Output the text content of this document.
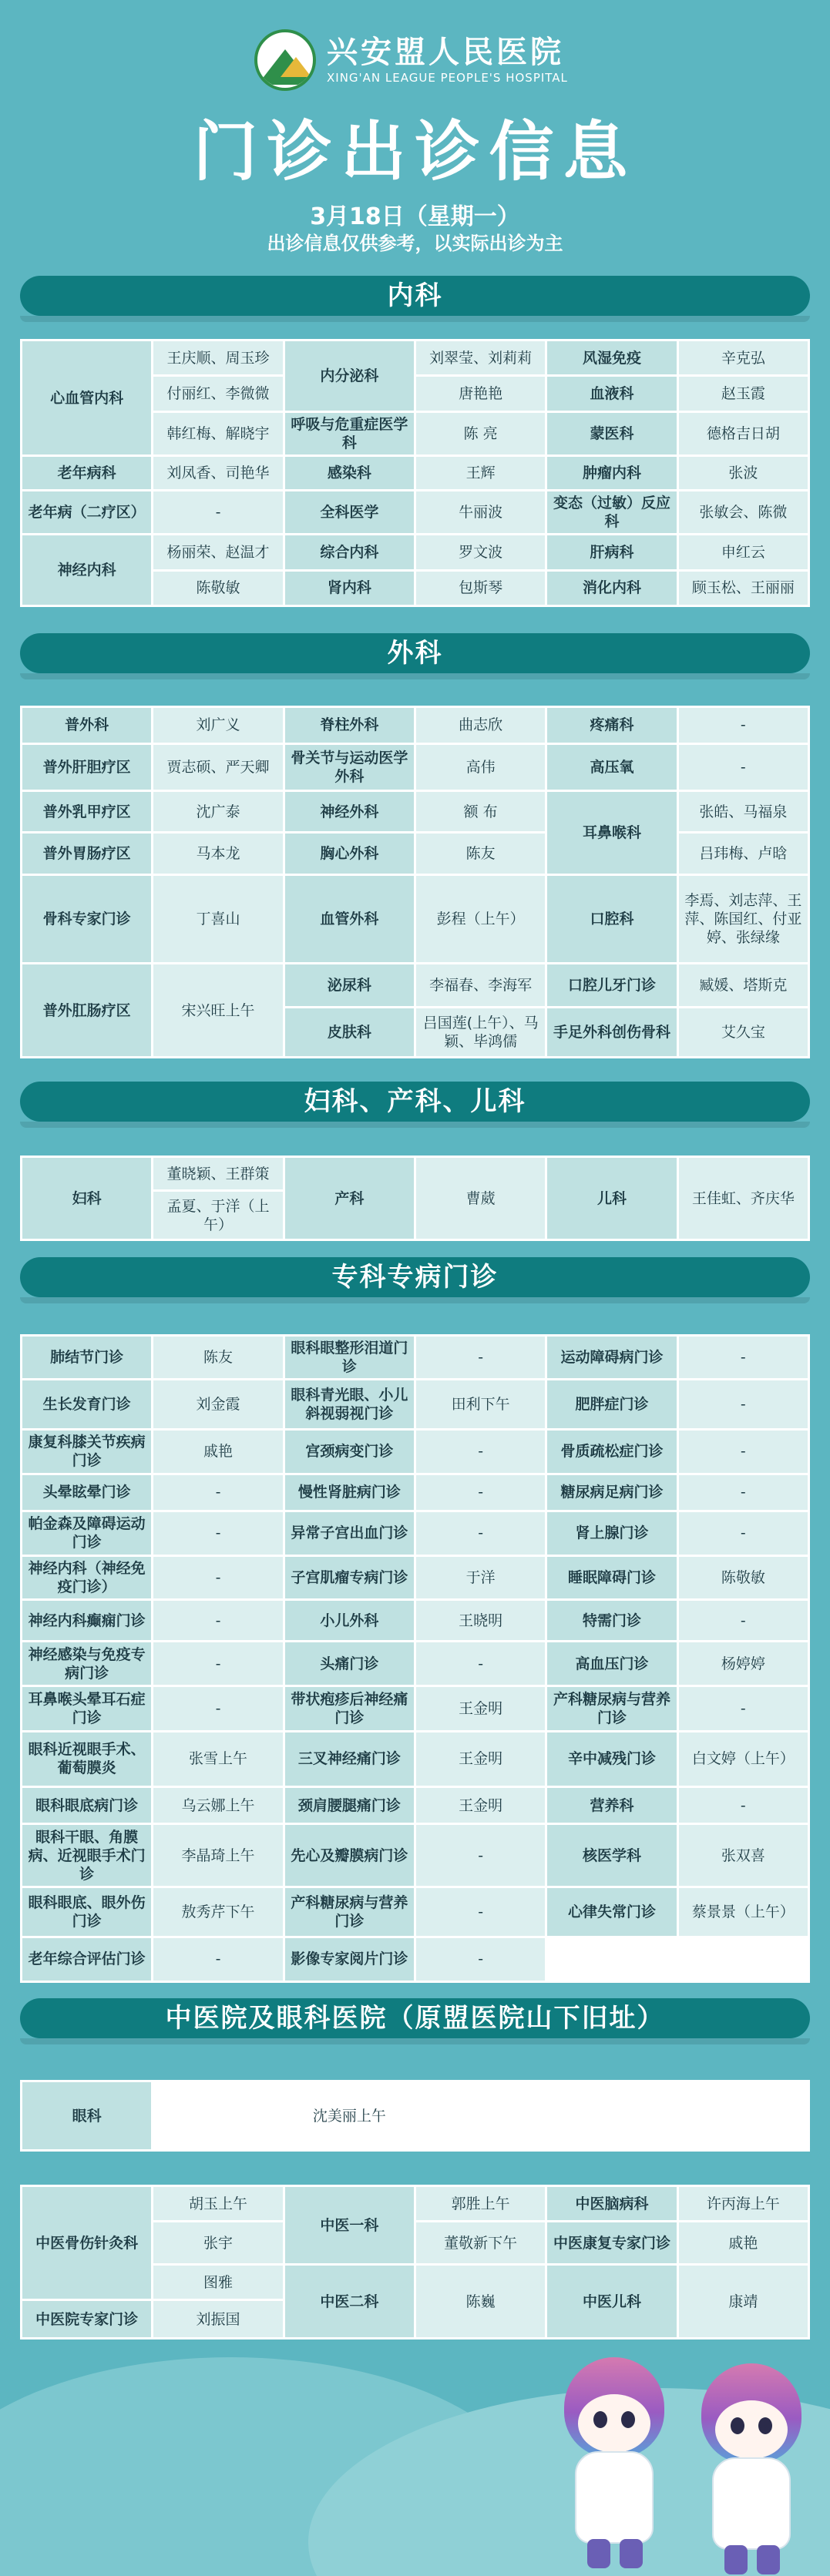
兴安盟人民医院
XING'AN LEAGUE PEOPLE'S HOSPITAL
门诊出诊信息
3月18日（星期一）
出诊信息仅供参考，以实际出诊为主
内科
心血管内科	王庆顺、周玉珍	内分泌科	刘翠莹、刘莉莉	风湿免疫	辛克弘
	付丽红、李微微		唐艳艳	血液科	赵玉霞
	韩红梅、解晓宇	呼吸与危重症医学科	陈 亮	蒙医科	德格吉日胡
老年病科	刘凤香、司艳华	感染科	王辉	肿瘤内科	张波
老年病（二疗区）	-	全科医学	牛丽波	变态（过敏）反应科	张敏会、陈微
神经内科	杨丽荣、赵温才	综合内科	罗文波	肝病科	申红云
	陈敬敏	肾内科	包斯琴	消化内科	顾玉松、王丽丽
外科
普外科	刘广义	脊柱外科	曲志欣	疼痛科	-
普外肝胆疗区	贾志硕、严天卿	骨关节与运动医学外科	高伟	高压氧	-
普外乳甲疗区	沈广泰	神经外科	额 布	耳鼻喉科	张皓、马福泉
普外胃肠疗区	马本龙	胸心外科	陈友		吕玮梅、卢晗
骨科专家门诊	丁喜山	血管外科	彭程（上午）	口腔科	李焉、刘志萍、王萍、陈国红、付亚婷、张绿缘
普外肛肠疗区	宋兴旺上午	泌尿科	李福春、李海军	口腔儿牙门诊	臧媛、塔斯克
		皮肤科	吕国莲(上午）、马颖、毕鸿儒	手足外科创伤骨科	艾久宝
妇科、产科、儿科
妇科	董晓颖、王群策	产科	曹葳	儿科	王佳虹、齐庆华
孟夏、于洋（上午）
专科专病门诊
肺结节门诊	陈友	眼科眼整形泪道门诊	-	运动障碍病门诊	-
生长发育门诊	刘金霞	眼科青光眼、小儿斜视弱视门诊	田利下午	肥胖症门诊	-
康复科膝关节疾病门诊	戚艳	宫颈病变门诊	-	骨质疏松症门诊	-
头晕眩晕门诊	-	慢性肾脏病门诊	-	糖尿病足病门诊	-
帕金森及障碍运动门诊	-	异常子宫出血门诊	-	肾上腺门诊	-
神经内科（神经免疫门诊）	-	子宫肌瘤专病门诊	于洋	睡眠障碍门诊	陈敬敏
神经内科癫痫门诊	-	小儿外科	王晓明	特需门诊	-
神经感染与免疫专病门诊	-	头痛门诊	-	高血压门诊	杨婷婷
耳鼻喉头晕耳石症门诊	-	带状疱疹后神经痛门诊	王金明	产科糖尿病与营养门诊	-
眼科近视眼手术、葡萄膜炎	张雪上午	三叉神经痛门诊	王金明	辛中减残门诊	白文婷（上午）
眼科眼底病门诊	乌云娜上午	颈肩腰腿痛门诊	王金明	营养科	-
眼科干眼、角膜病、近视眼手术门诊	李晶琦上午	先心及瓣膜病门诊	-	核医学科	张双喜
眼科眼底、眼外伤门诊	敖秀芹下午	产科糖尿病与营养门诊	-	心律失常门诊	蔡景景（上午）
老年综合评估门诊	-	影像专家阅片门诊	-		
中医院及眼科医院（原盟医院山下旧址）
眼科	沈美丽上午		

中医骨伤针灸科	胡玉上午	中医一科	郭胜上午	中医脑病科	许丙海上午
	张宇		董敬新下午	中医康复专家门诊	戚艳
	图雅	中医二科	陈巍	中医儿科	康靖
中医院专家门诊	刘振国				
